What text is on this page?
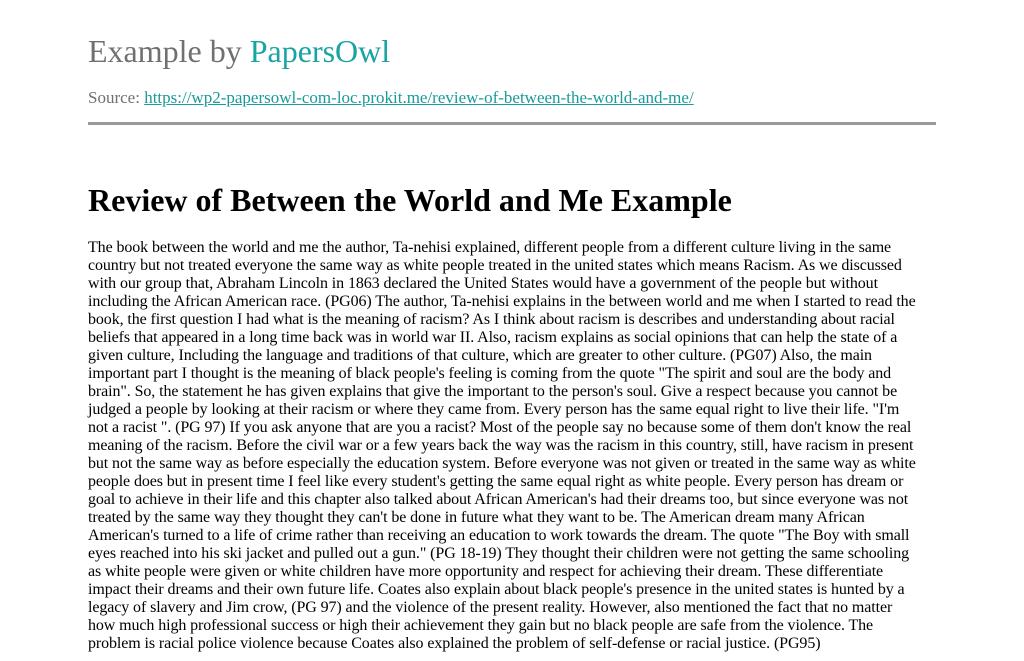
Example by PapersOwl
Source: https://wp2-papersowl-com-loc.prokit.me/review-of-between-the-world-and-me/
Review of Between the World and Me Example
The book between the world and me the author, Ta-nehisi explained, different people from a different culture living in the same
country but not treated everyone the same way as white people treated in the united states which means Racism. As we discussed
with our group that, Abraham Lincoln in 1863 declared the United States would have a government of the people but without
including the African American race. (PG06) The author, Ta-nehisi explains in the between world and me when I started to read the
book, the first question I had what is the meaning of racism? As I think about racism is describes and understanding about racial
beliefs that appeared in a long time back was in world war II. Also, racism explains as social opinions that can help the state of a
given culture, Including the language and traditions of that culture, which are greater to other culture. (PG07) Also, the main
important part I thought is the meaning of black people's feeling is coming from the quote "The spirit and soul are the body and
brain". So, the statement he has given explains that give the important to the person's soul. Give a respect because you cannot be
judged a people by looking at their racism or where they came from. Every person has the same equal right to live their life. "I'm
not a racist ". (PG 97) If you ask anyone that are you a racist? Most of the people say no because some of them don't know the real
meaning of the racism. Before the civil war or a few years back the way was the racism in this country, still, have racism in present
but not the same way as before especially the education system. Before everyone was not given or treated in the same way as white
people does but in present time I feel like every student's getting the same equal right as white people. Every person has dream or
goal to achieve in their life and this chapter also talked about African American's had their dreams too, but since everyone was not
treated by the same way they thought they can't be done in future what they want to be. The American dream many African
American's turned to a life of crime rather than receiving an education to work towards the dream. The quote "The Boy with small
eyes reached into his ski jacket and pulled out a gun." (PG 18-19) They thought their children were not getting the same schooling
as white people were given or white children have more opportunity and respect for achieving their dream. These differentiate
impact their dreams and their own future life. Coates also explain about black people's presence in the united states is hunted by a
legacy of slavery and Jim crow, (PG 97) and the violence of the present reality. However, also mentioned the fact that no matter
how much high professional success or high their achievement they gain but no black people are safe from the violence. The
problem is racial police violence because Coates also explained the problem of self-defense or racial justice. (PG95)
